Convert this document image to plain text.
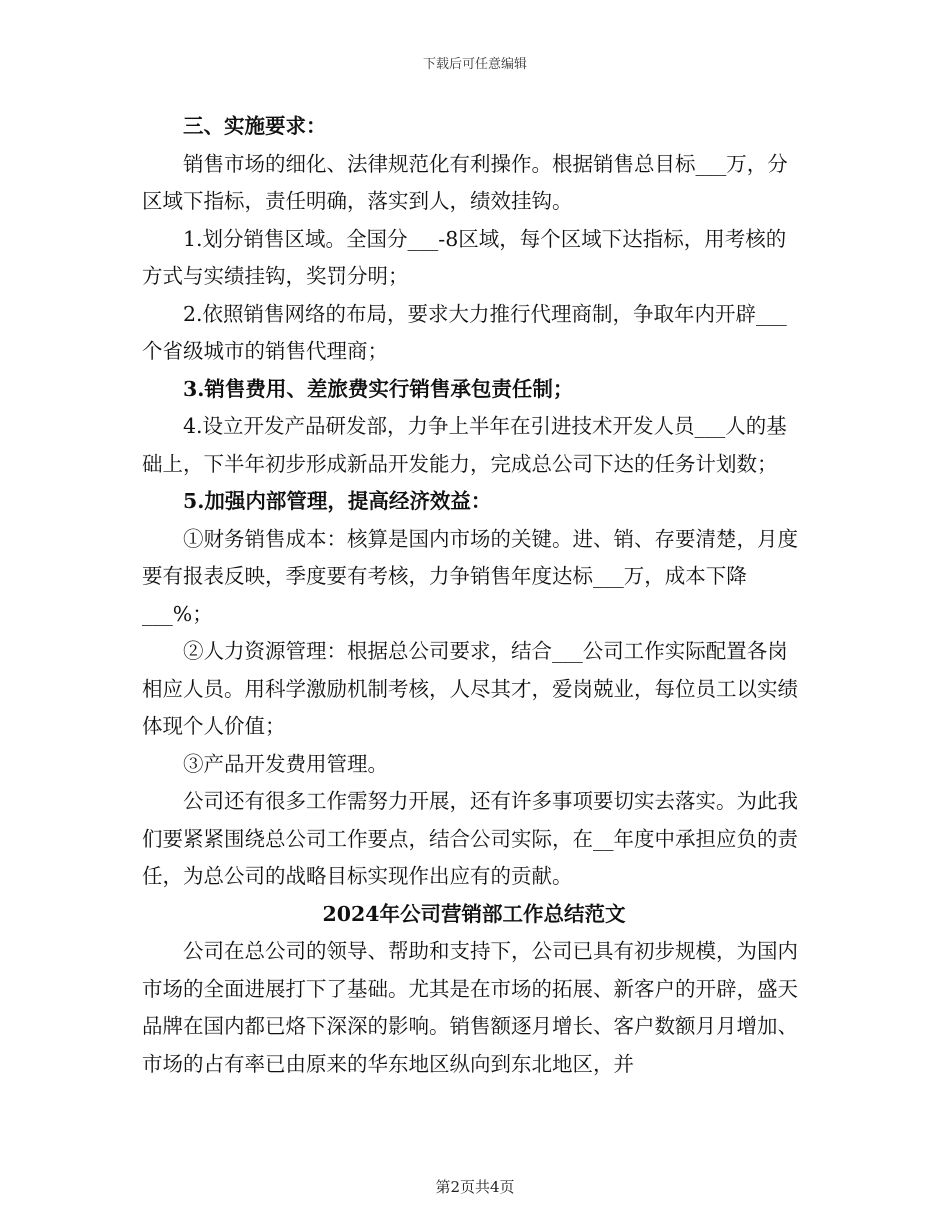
下载后可任意编辑

三、实施要求：

销售市场的细化、法律规范化有利操作。根据销售总目标___万，分区域下指标，责任明确，落实到人，绩效挂钩。

1.划分销售区域。全国分___-8区域，每个区域下达指标，用考核的方式与实绩挂钩，奖罚分明；

2.依照销售网络的布局，要求大力推行代理商制，争取年内开辟___个省级城市的销售代理商；

3.销售费用、差旅费实行销售承包责任制；

4.设立开发产品研发部，力争上半年在引进技术开发人员___人的基础上，下半年初步形成新品开发能力，完成总公司下达的任务计划数；

5.加强内部管理，提高经济效益：

①财务销售成本：核算是国内市场的关键。进、销、存要清楚，月度要有报表反映，季度要有考核，力争销售年度达标___万，成本下降___%；

②人力资源管理：根据总公司要求，结合___公司工作实际配置各岗相应人员。用科学激励机制考核，人尽其才，爱岗兢业，每位员工以实绩体现个人价值；

③产品开发费用管理。

公司还有很多工作需努力开展，还有许多事项要切实去落实。为此我们要紧紧围绕总公司工作要点，结合公司实际，在__年度中承担应负的责任，为总公司的战略目标实现作出应有的贡献。

2024年公司营销部工作总结范文

公司在总公司的领导、帮助和支持下，公司已具有初步规模，为国内市场的全面进展打下了基础。尤其是在市场的拓展、新客户的开辟，盛天品牌在国内都已烙下深深的影响。销售额逐月增长、客户数额月月增加、市场的占有率已由原来的华东地区纵向到东北地区，并

第2页共4页
